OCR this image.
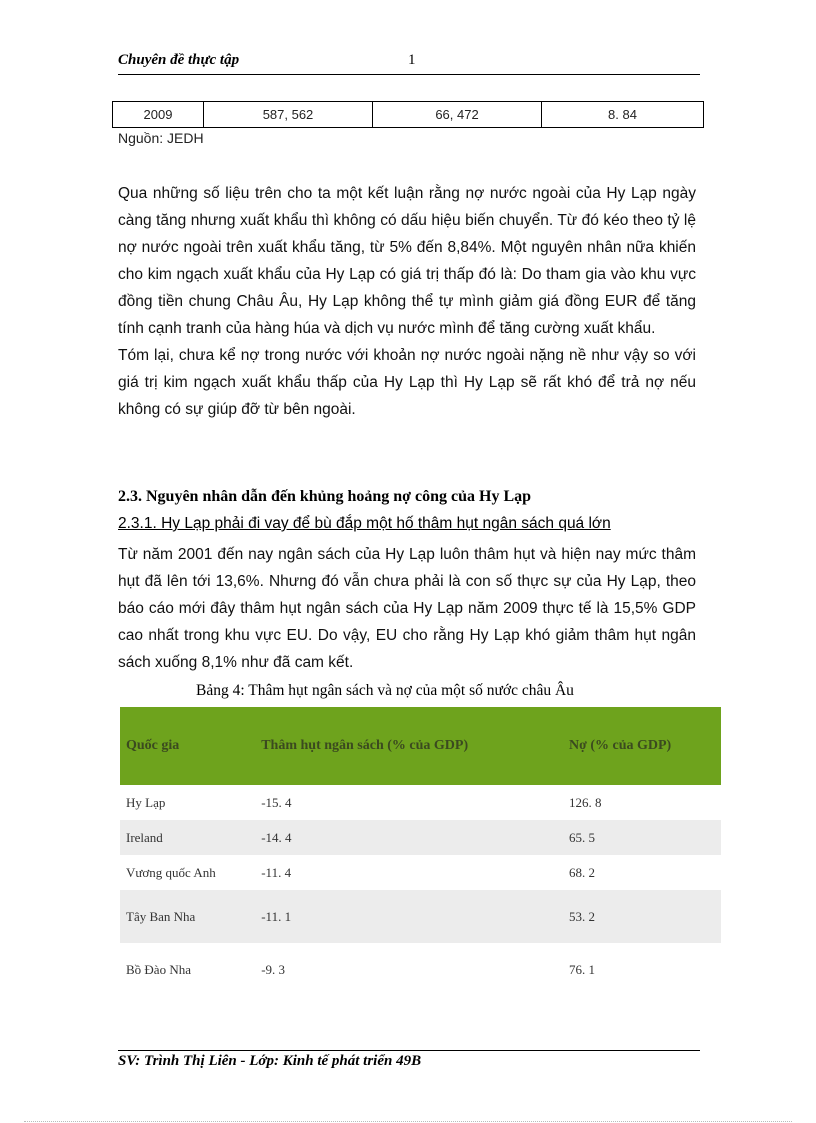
Chuyên đề thực tập	1
2009	587, 562	66, 472	8. 84
Nguồn: JEDH

Qua những số liệu trên cho ta một kết luận rằng nợ nước ngoài của Hy Lạp ngày càng tăng nhưng xuất khẩu thì không có dấu hiệu biến chuyển. Từ đó kéo theo tỷ lệ nợ nước ngoài trên xuất khẩu tăng, từ 5% đến 8,84%. Một nguyên nhân nữa khiến cho kim ngạch xuất khẩu của Hy Lạp có giá trị thấp đó là: Do tham gia vào khu vực đồng tiền chung Châu Âu, Hy Lạp không thể tự mình giảm giá đồng EUR để tăng tính cạnh tranh của hàng húa và dịch vụ nước mình để tăng cường xuất khẩu.

Tóm lại, chưa kể nợ trong nước với khoản nợ nước ngoài nặng nề như vậy so với giá trị kim ngạch xuất khẩu thấp của Hy Lạp thì Hy Lạp sẽ rất khó để trả nợ nếu không có sự giúp đỡ từ bên ngoài.

2.3. Nguyên nhân dẫn đến khủng hoảng nợ công của Hy Lạp
2.3.1. Hy Lạp phải đi vay để bù đắp một hố thâm hụt ngân sách quá lớn

Từ năm 2001 đến nay ngân sách của Hy Lạp luôn thâm hụt và hiện nay mức thâm hụt đã lên tới 13,6%. Nhưng đó vẫn chưa phải là con số thực sự của Hy Lạp, theo báo cáo mới đây thâm hụt ngân sách của Hy Lạp năm 2009 thực tế là 15,5% GDP cao nhất trong khu vực EU. Do vậy, EU cho rằng Hy Lạp khó giảm thâm hụt ngân sách xuống 8,1% như đã cam kết.

Bảng 4: Thâm hụt ngân sách và nợ của một số nước châu Âu
Quốc gia	Thâm hụt ngân sách (% của GDP)	Nợ (% của GDP)
Hy Lạp	-15. 4	126. 8
Ireland	-14. 4	65. 5
Vương quốc Anh	-11. 4	68. 2
Tây Ban Nha	-11. 1	53. 2
Bồ Đào Nha	-9. 3	76. 1
SV: Trình Thị Liên - Lớp: Kinh tế phát triển 49B
